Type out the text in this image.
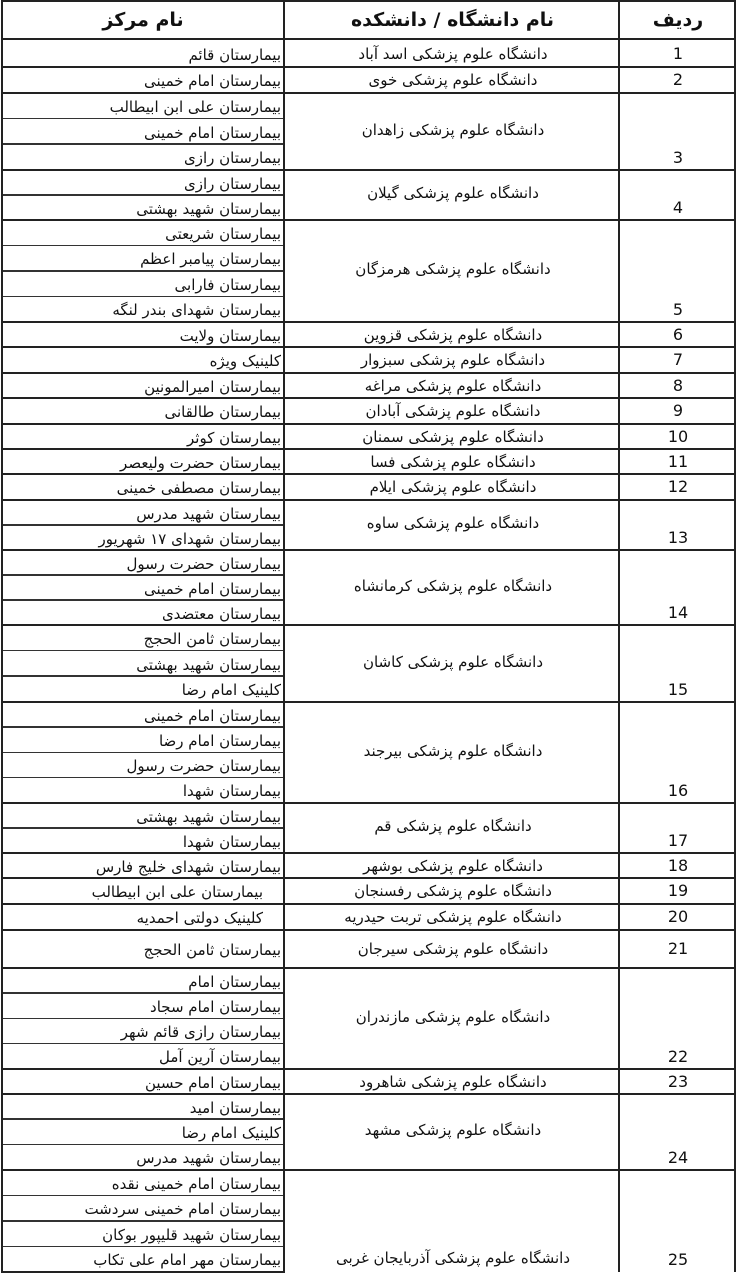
نام مرکز	نام دانشگاه / دانشکده	ردیف
1
دانشگاه علوم پزشکی اسد آباد
بیمارستان قائم
2
دانشگاه علوم پزشکی خوی
بیمارستان امام خمینی
3
دانشگاه علوم پزشکی زاهدان
بیمارستان علی ابن ابیطالب
بیمارستان امام خمینی
بیمارستان رازی
4
دانشگاه علوم پزشکی گیلان
بیمارستان رازی
بیمارستان شهید بهشتی
5
دانشگاه علوم پزشکی هرمزگان
بیمارستان شریعتی
بیمارستان پیامبر اعظم
بیمارستان فارابی
بیمارستان شهدای بندر لنگه
6
دانشگاه علوم پزشکی قزوین
بیمارستان ولایت
7
دانشگاه علوم پزشکی سبزوار
کلینیک ویژه
8
دانشگاه علوم پزشکی مراغه
بیمارستان امیرالمونین
9
دانشگاه علوم پزشکی آبادان
بیمارستان طالقانی
10
دانشگاه علوم پزشکی سمنان
بیمارستان کوثر
11
دانشگاه علوم پزشکی فسا
بیمارستان حضرت ولیعصر
12
دانشگاه علوم پزشکی ایلام
بیمارستان مصطفی خمینی
13
دانشگاه علوم پزشکی ساوه
بیمارستان شهید مدرس
بیمارستان شهدای ۱۷ شهریور
14
دانشگاه علوم پزشکی کرمانشاه
بیمارستان حضرت رسول
بیمارستان امام خمینی
بیمارستان معتضدی
15
دانشگاه علوم پزشکی کاشان
بیمارستان ثامن الحجج
بیمارستان شهید بهشتی
کلینیک امام رضا
16
دانشگاه علوم پزشکی بیرجند
بیمارستان امام خمینی
بیمارستان امام رضا
بیمارستان حضرت رسول
بیمارستان شهدا
17
دانشگاه علوم پزشکی قم
بیمارستان شهید بهشتی
بیمارستان شهدا
18
دانشگاه علوم پزشکی بوشهر
بیمارستان شهدای خلیج فارس
19
دانشگاه علوم پزشکی رفسنجان
بیمارستان علی ابن ابیطالب
20
دانشگاه علوم پزشکی تربت حیدریه
کلینیک دولتی احمدیه
21
دانشگاه علوم پزشکی سیرجان
بیمارستان ثامن الحجج
22
دانشگاه علوم پزشکی مازندران
بیمارستان امام
بیمارستان امام سجاد
بیمارستان رازی قائم شهر
بیمارستان آرین آمل
23
دانشگاه علوم پزشکی شاهرود
بیمارستان امام حسین
24
دانشگاه علوم پزشکی مشهد
بیمارستان امید
کلینیک امام رضا
بیمارستان شهید مدرس
25
دانشگاه علوم پزشکی آذربایجان غربی
بیمارستان امام خمینی نقده
بیمارستان امام خمینی سردشت
بیمارستان شهید قلیپور بوکان
بیمارستان مهر امام علی تکاب
